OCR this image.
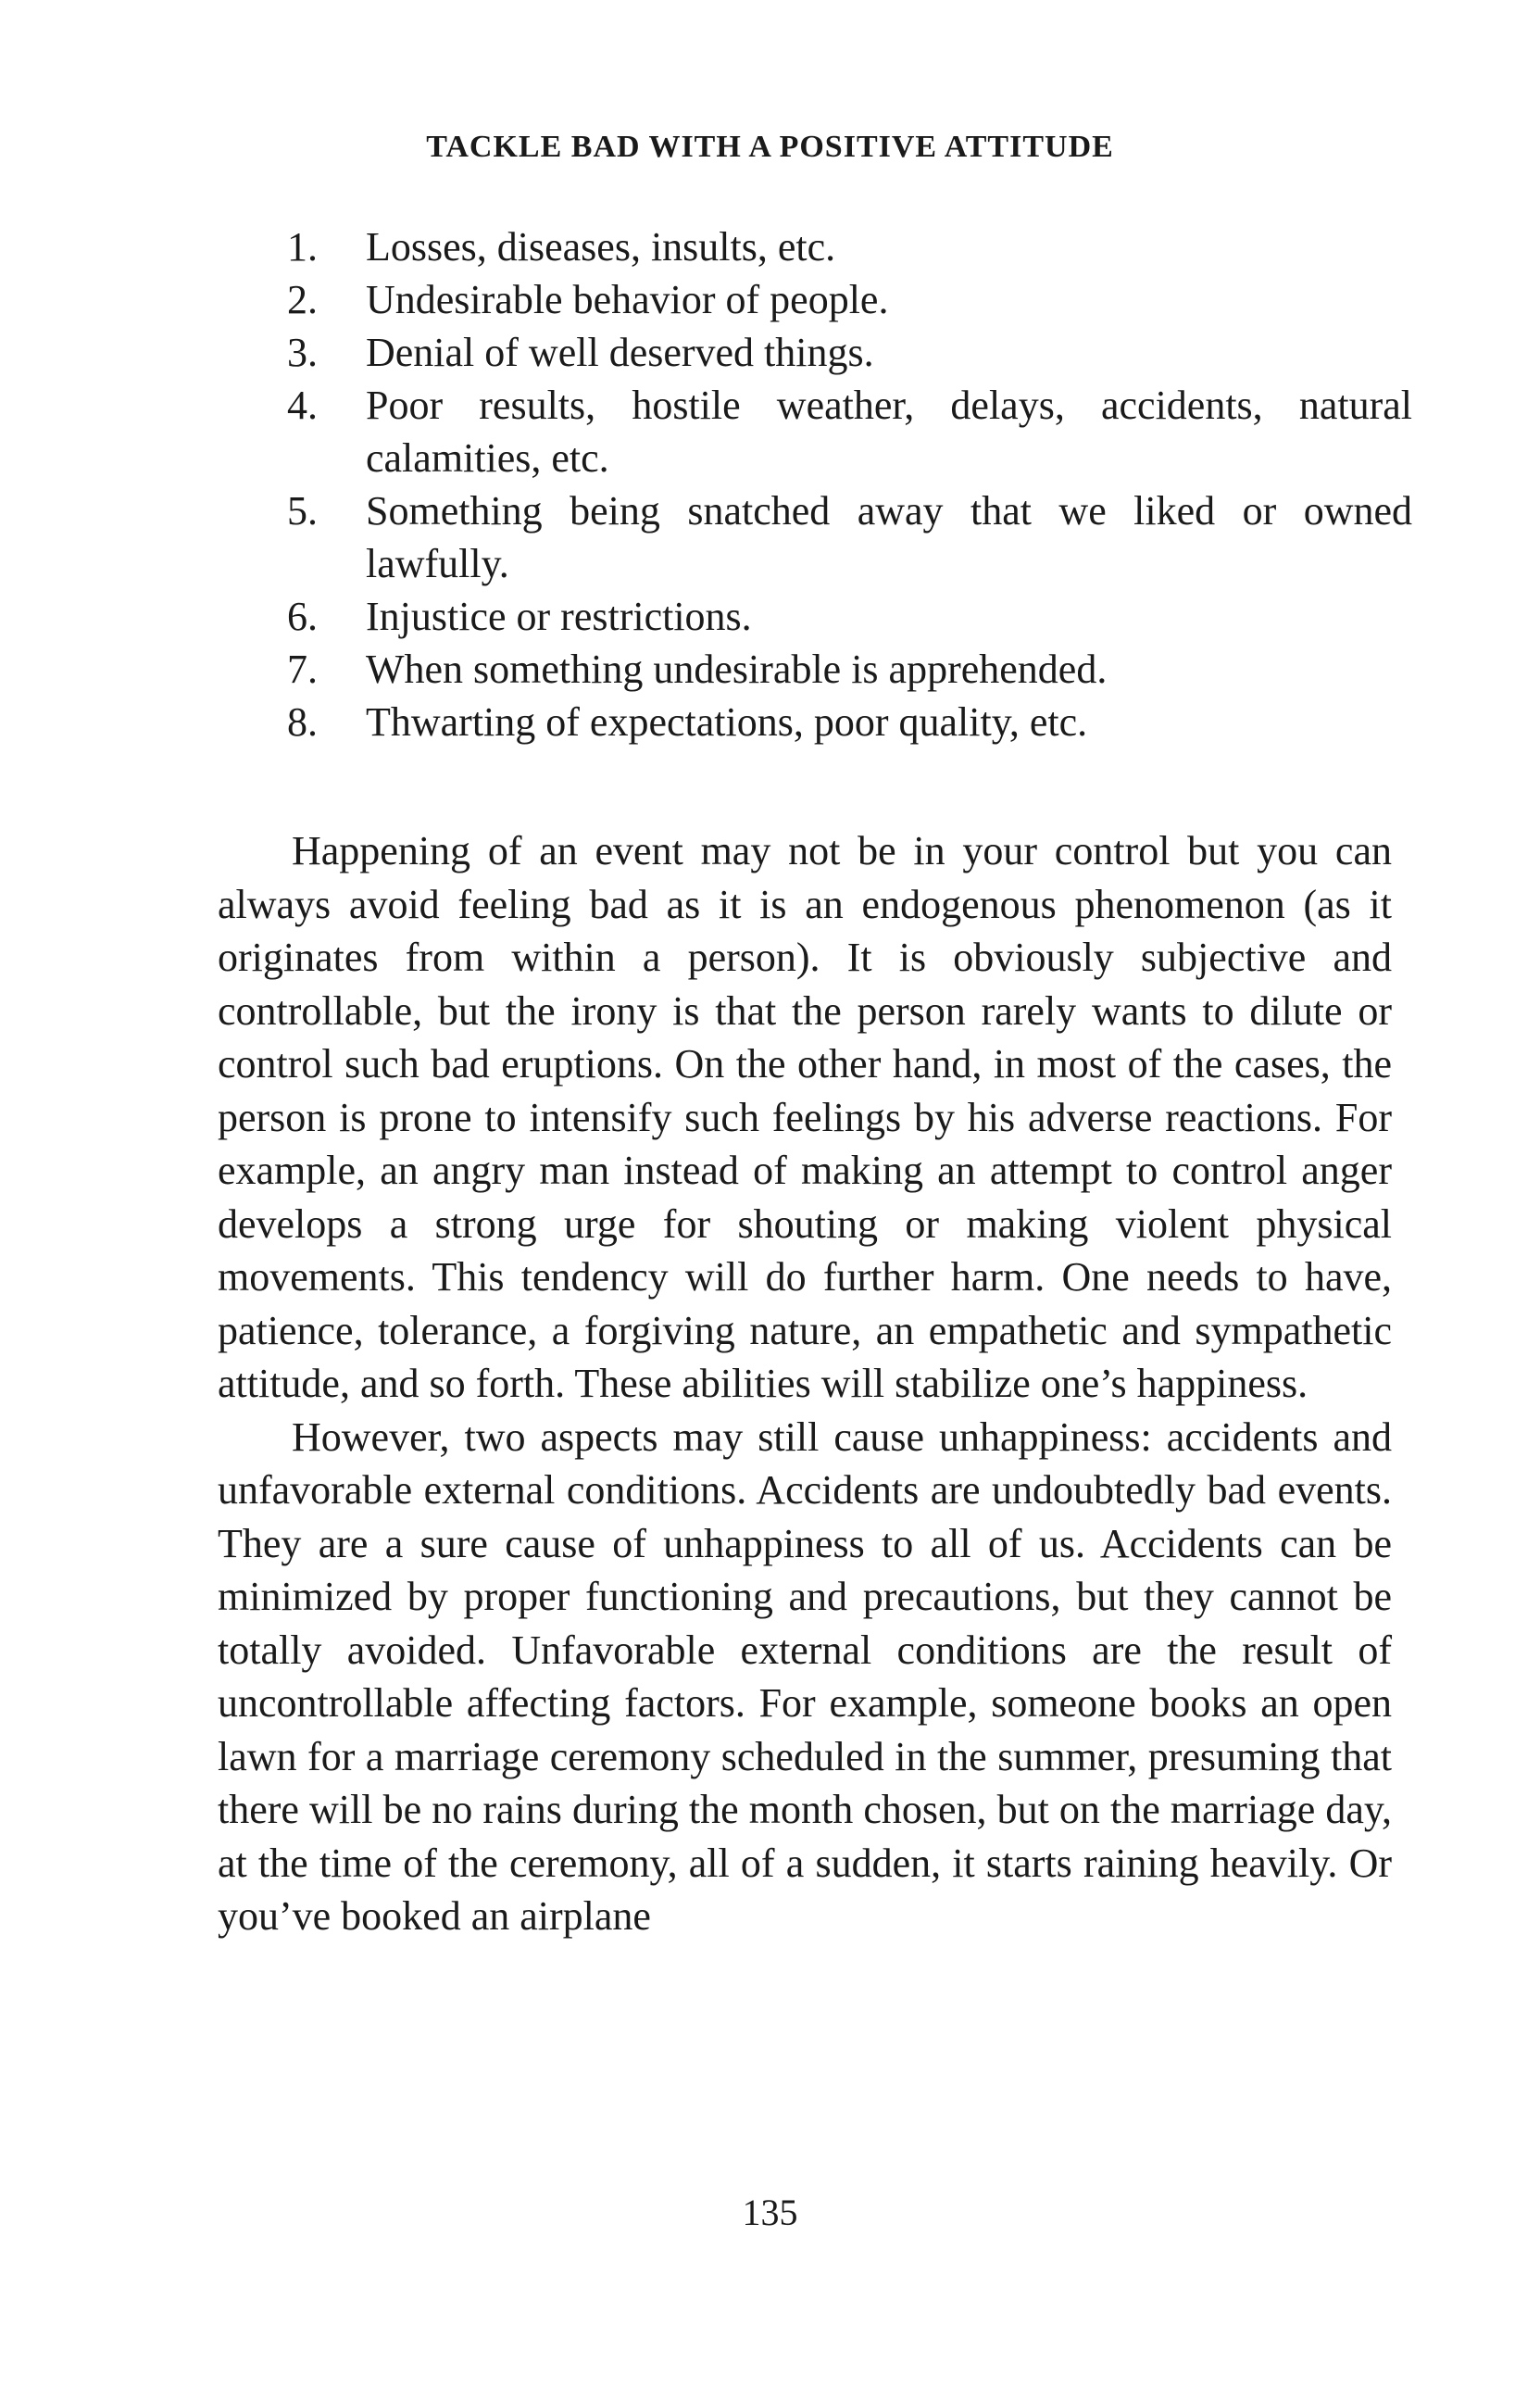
TACKLE BAD WITH A POSITIVE ATTITUDE
1. Losses, diseases, insults, etc.
2. Undesirable behavior of people.
3. Denial of well deserved things.
4. Poor results, hostile weather, delays, accidents, natural calamities, etc.
5. Something being snatched away that we liked or owned lawfully.
6. Injustice or restrictions.
7. When something undesirable is apprehended.
8. Thwarting of expectations, poor quality, etc.

Happening of an event may not be in your control but you can always avoid feeling bad as it is an endogenous phenomenon (as it originates from within a person). It is obviously subjective and controllable, but the irony is that the person rarely wants to dilute or control such bad eruptions. On the other hand, in most of the cases, the person is prone to intensify such feelings by his adverse reactions. For example, an angry man instead of making an attempt to control anger develops a strong urge for shouting or making violent physical movements. This tendency will do further harm. One needs to have, patience, tolerance, a forgiving nature, an empathetic and sympathetic attitude, and so forth. These abilities will stabilize one’s happiness.

However, two aspects may still cause unhappiness: accidents and unfavorable external conditions. Accidents are undoubtedly bad events. They are a sure cause of unhappiness to all of us. Accidents can be minimized by proper functioning and precautions, but they cannot be totally avoided. Unfavorable external conditions are the result of uncontrollable affecting factors. For example, someone books an open lawn for a marriage ceremony scheduled in the summer, presuming that there will be no rains during the month chosen, but on the marriage day, at the time of the ceremony, all of a sudden, it starts raining heavily. Or you’ve booked an airplane

135
